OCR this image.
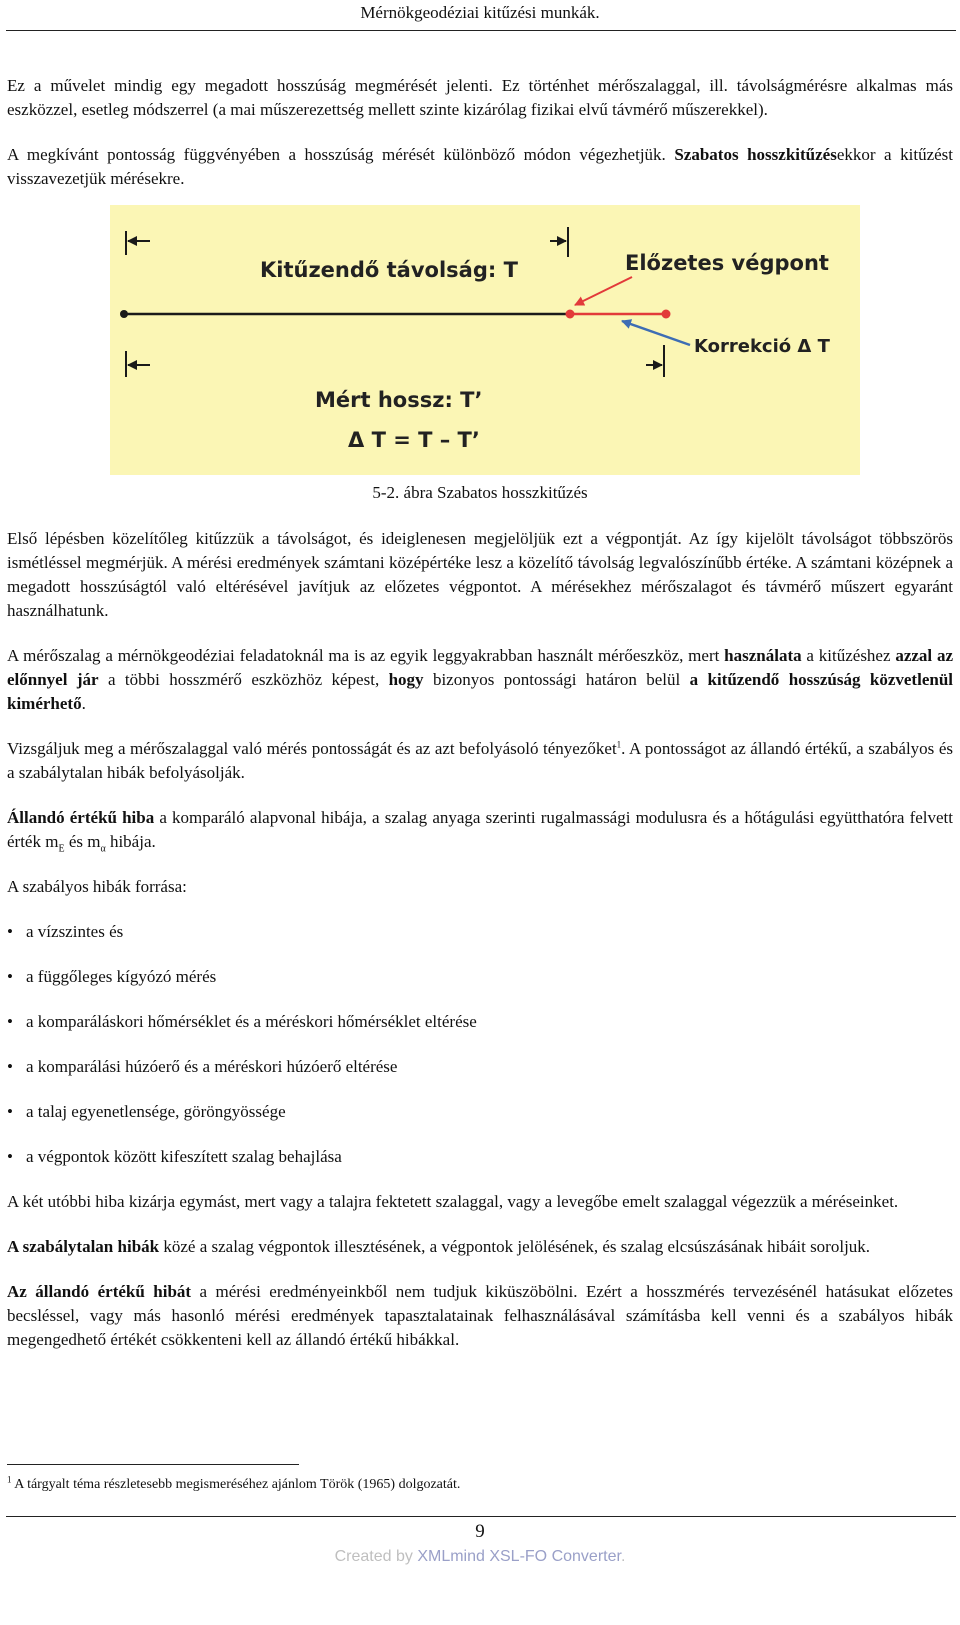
Mérnökgeodéziai kitűzési munkák.

Ez a művelet mindig egy megadott hosszúság megmérését jelenti. Ez történhet mérőszalaggal, ill. távolságmérésre alkalmas más eszközzel, esetleg módszerrel (a mai műszerezettség mellett szinte kizárólag fizikai elvű távmérő műszerekkel).

A megkívánt pontosság függvényében a hosszúság mérését különböző módon végezhetjük. Szabatos hosszkitűzésekkor a kitűzést visszavezetjük mérésekre.

Kitűzendő távolság: T	Előzetes végpont
Korrekció Δ T
Mért hossz: T’
Δ T = T – T’

5-2. ábra Szabatos hosszkitűzés

Első lépésben közelítőleg kitűzzük a távolságot, és ideiglenesen megjelöljük ezt a végpontját. Az így kijelölt távolságot többszörös ismétléssel megmérjük. A mérési eredmények számtani középértéke lesz a közelítő távolság legvalószínűbb értéke. A számtani középnek a megadott hosszúságtól való eltérésével javítjuk az előzetes végpontot. A mérésekhez mérőszalagot és távmérő műszert egyaránt használhatunk.

A mérőszalag a mérnökgeodéziai feladatoknál ma is az egyik leggyakrabban használt mérőeszköz, mert használata a kitűzéshez azzal az előnnyel jár a többi hosszmérő eszközhöz képest, hogy bizonyos pontossági határon belül a kitűzendő hosszúság közvetlenül kimérhető.

Vizsgáljuk meg a mérőszalaggal való mérés pontosságát és az azt befolyásoló tényezőket$^1$. A pontosságot az állandó értékű, a szabályos és a szabálytalan hibák befolyásolják.

Állandó értékű hiba a komparáló alapvonal hibája, a szalag anyaga szerinti rugalmassági modulusra és a hőtágulási együtthatóra felvett érték $m_E$ és $m_\alpha$ hibája.

A szabályos hibák forrása:

• a vízszintes és
• a függőleges kígyózó mérés
• a komparáláskori hőmérséklet és a méréskori hőmérséklet eltérése
• a komparálási húzóerő és a méréskori húzóerő eltérése
• a talaj egyenetlensége, göröngyössége
• a végpontok között kifeszített szalag behajlása

A két utóbbi hiba kizárja egymást, mert vagy a talajra fektetett szalaggal, vagy a levegőbe emelt szalaggal végezzük a méréseinket.

A szabálytalan hibák közé a szalag végpontok illesztésének, a végpontok jelölésének, és szalag elcsúszásának hibáit soroljuk.

Az állandó értékű hibát a mérési eredményeinkből nem tudjuk kiküszöbölni. Ezért a hosszmérés tervezésénél hatásukat előzetes becsléssel, vagy más hasonló mérési eredmények tapasztalatainak felhasználásával számításba kell venni és a szabályos hibák megengedhető értékét csökkenteni kell az állandó értékű hibákkal.

$^1$ A tárgyalt téma részletesebb megismeréséhez ajánlom Török (1965) dolgozatát.
9
Created by XMLmind XSL-FO Converter.
